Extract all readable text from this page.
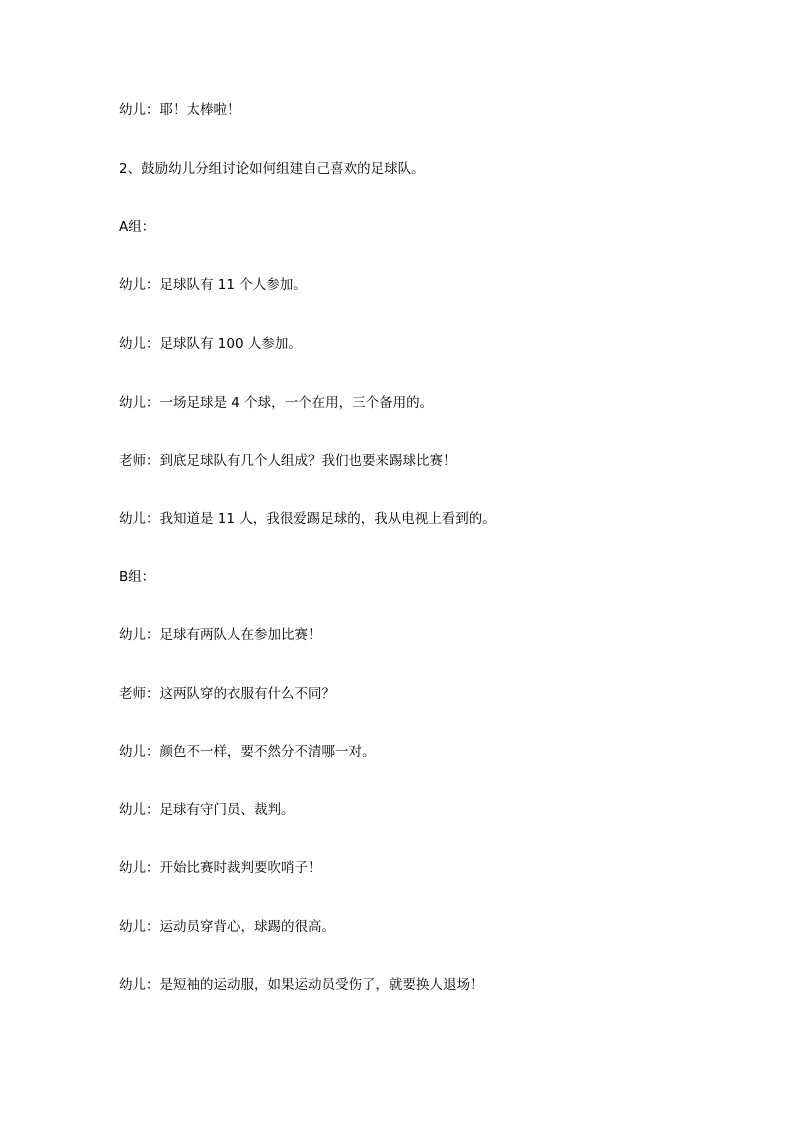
幼儿：耶！太棒啦！

2、鼓励幼儿分组讨论如何组建自己喜欢的足球队。

A组：

幼儿：足球队有 11 个人参加。

幼儿：足球队有 100 人参加。

幼儿：一场足球是 4 个球，一个在用，三个备用的。

老师：到底足球队有几个人组成？我们也要来踢球比赛！

幼儿：我知道是 11 人，我很爱踢足球的，我从电视上看到的。

B组：

幼儿：足球有两队人在参加比赛！

老师：这两队穿的衣服有什么不同？

幼儿：颜色不一样，要不然分不清哪一对。

幼儿：足球有守门员、裁判。

幼儿：开始比赛时裁判要吹哨子！

幼儿：运动员穿背心，球踢的很高。

幼儿：是短袖的运动服，如果运动员受伤了，就要换人退场！
